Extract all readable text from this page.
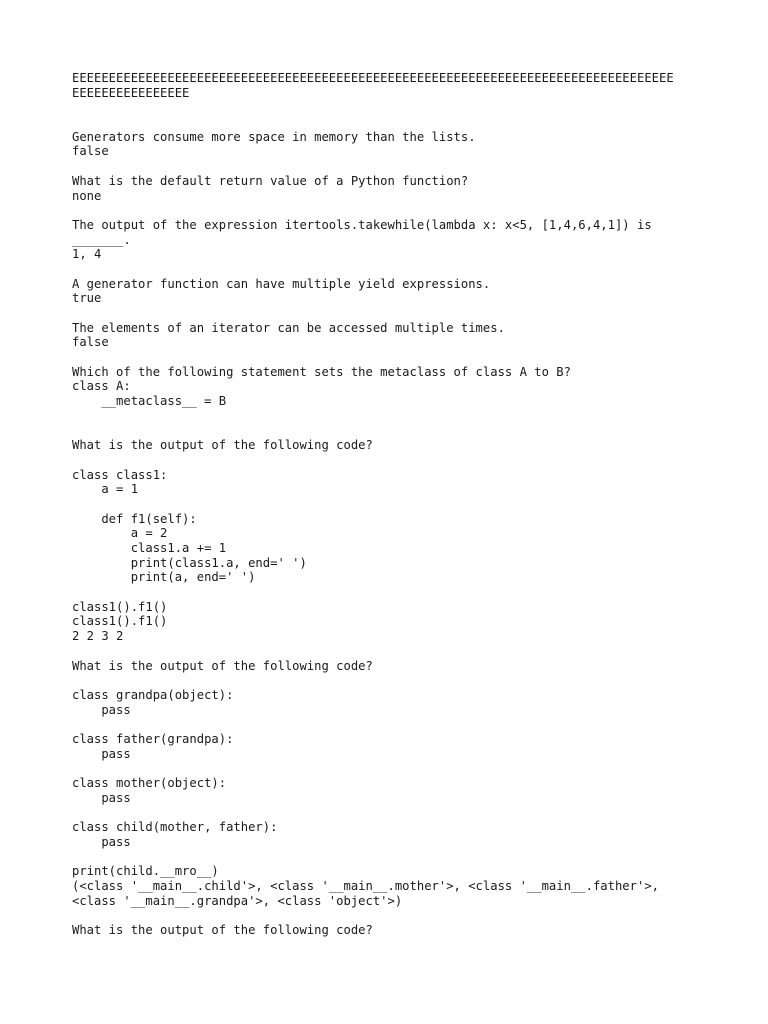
EEEEEEEEEEEEEEEEEEEEEEEEEEEEEEEEEEEEEEEEEEEEEEEEEEEEEEEEEEEEEEEEEEEEEEEEEEEEEEEEEE
EEEEEEEEEEEEEEEE
Generators consume more space in memory than the lists.
false
What is the default return value of a Python function?
none
The output of the expression itertools.takewhile(lambda x: x<5, [1,4,6,4,1]) is
_______.
1, 4
A generator function can have multiple yield expressions.
true
The elements of an iterator can be accessed multiple times.
false
Which of the following statement sets the metaclass of class A to B?
class A:
__metaclass__ = B
What is the output of the following code?
class class1:
a = 1
def f1(self):
a = 2
class1.a += 1
print(class1.a, end=' ')
print(a, end=' ')
class1().f1()
class1().f1()
2 2 3 2
What is the output of the following code?
class grandpa(object):
pass
class father(grandpa):
pass
class mother(object):
pass
class child(mother, father):
pass
print(child.__mro__)
(<class '__main__.child'>, <class '__main__.mother'>, <class '__main__.father'>,
<class '__main__.grandpa'>, <class 'object'>)
What is the output of the following code?
